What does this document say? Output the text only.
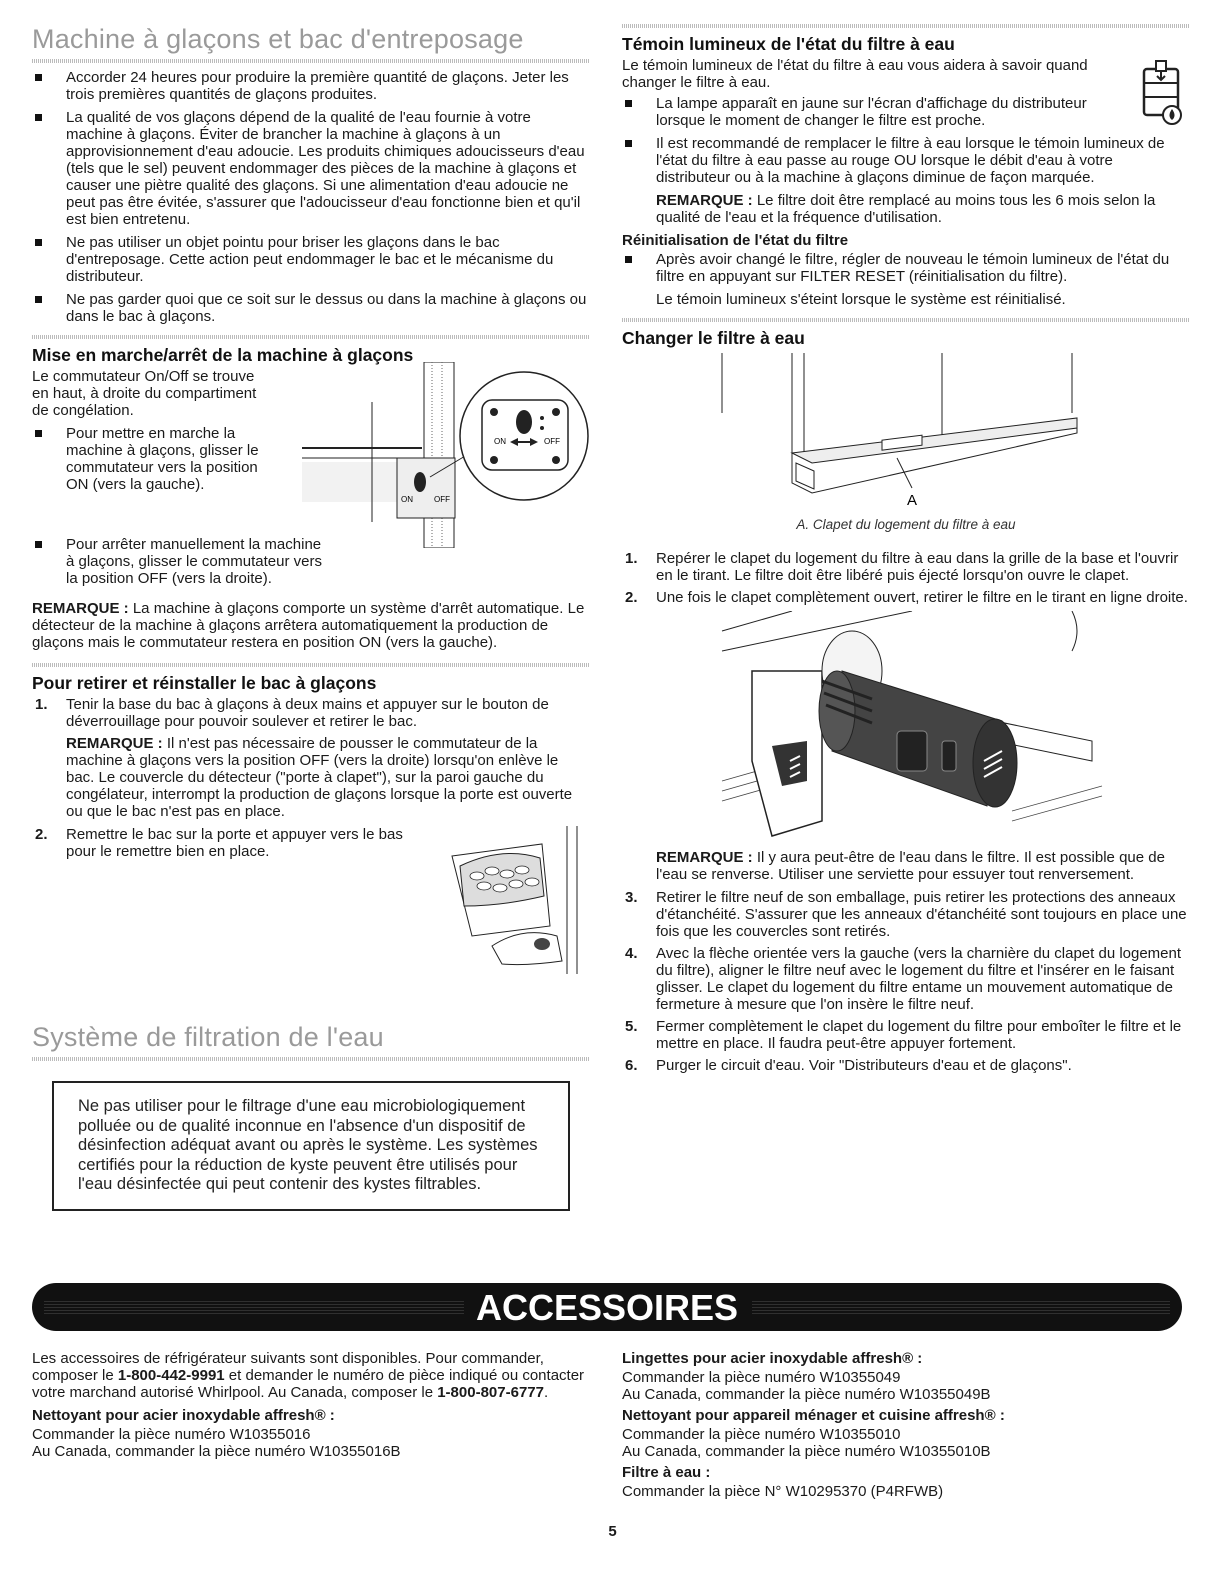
Machine à glaçons et bac d'entreposage
Accorder 24 heures pour produire la première quantité de glaçons. Jeter les trois premières quantités de glaçons produites.
La qualité de vos glaçons dépend de la qualité de l'eau fournie à votre machine à glaçons. Éviter de brancher la machine à glaçons à un approvisionnement d'eau adoucie. Les produits chimiques adoucisseurs d'eau (tels que le sel) peuvent endommager des pièces de la machine à glaçons et causer une piètre qualité des glaçons. Si une alimentation d'eau adoucie ne peut pas être évitée, s'assurer que l'adoucisseur d'eau fonctionne bien et qu'il est bien entretenu.
Ne pas utiliser un objet pointu pour briser les glaçons dans le bac d'entreposage. Cette action peut endommager le bac et le mécanisme du distributeur.
Ne pas garder quoi que ce soit sur le dessus ou dans la machine à glaçons ou dans le bac à glaçons.
Mise en marche/arrêt de la machine à glaçons

Le commutateur On/Off se trouve en haut, à droite du compartiment de congélation.

Pour mettre en marche la machine à glaçons, glisser le commutateur vers la position ON (vers la gauche).
ON	OFF
ON	OFF
Pour arrêter manuellement la machine à glaçons, glisser le commutateur vers la position OFF (vers la droite).

REMARQUE : La machine à glaçons comporte un système d'arrêt automatique. Le détecteur de la machine à glaçons arrêtera automatiquement la production de glaçons mais le commutateur restera en position ON (vers la gauche).

Pour retirer et réinstaller le bac à glaçons
1. Tenir la base du bac à glaçons à deux mains et appuyer sur le bouton de déverrouillage pour pouvoir soulever et retirer le bac.
REMARQUE : Il n'est pas nécessaire de pousser le commutateur de la machine à glaçons vers la position OFF (vers la droite) lorsqu'on enlève le bac. Le couvercle du détecteur ("porte à clapet"), sur la paroi gauche du congélateur, interrompt la production de glaçons lorsque la porte est ouverte ou que le bac n'est pas en place.
2. Remettre le bac sur la porte et appuyer vers le bas pour le remettre bien en place.
Système de filtration de l'eau
Ne pas utiliser pour le filtrage d'une eau microbiologiquement polluée ou de qualité inconnue en l'absence d'un dispositif de désinfection adéquat avant ou après le système. Les systèmes certifiés pour la réduction de kyste peuvent être utilisés pour l'eau désinfectée qui peut contenir des kystes filtrables.
Témoin lumineux de l'état du filtre à eau

Le témoin lumineux de l'état du filtre à eau vous aidera à savoir quand changer le filtre à eau.

La lampe apparaît en jaune sur l'écran d'affichage du distributeur lorsque le moment de changer le filtre est proche.
Il est recommandé de remplacer le filtre à eau lorsque le témoin lumineux de l'état du filtre à eau passe au rouge OU lorsque le débit d'eau à votre distributeur ou à la machine à glaçons diminue de façon marquée.
REMARQUE : Le filtre doit être remplacé au moins tous les 6 mois selon la qualité de l'eau et la fréquence d'utilisation.
Réinitialisation de l'état du filtre
Après avoir changé le filtre, régler de nouveau le témoin lumineux de l'état du filtre en appuyant sur FILTER RESET (réinitialisation du filtre).
Le témoin lumineux s'éteint lorsque le système est réinitialisé.
Changer le filtre à eau
A
A. Clapet du logement du filtre à eau
1. Repérer le clapet du logement du filtre à eau dans la grille de la base et l'ouvrir en le tirant. Le filtre doit être libéré puis éjecté lorsqu'on ouvre le clapet.
2. Une fois le clapet complètement ouvert, retirer le filtre en le tirant en ligne droite.
REMARQUE : Il y aura peut-être de l'eau dans le filtre. Il est possible que de l'eau se renverse. Utiliser une serviette pour essuyer tout renversement.
3. Retirer le filtre neuf de son emballage, puis retirer les protections des anneaux d'étanchéité. S'assurer que les anneaux d'étanchéité sont toujours en place une fois que les couvercles sont retirés.
4. Avec la flèche orientée vers la gauche (vers la charnière du clapet du logement du filtre), aligner le filtre neuf avec le logement du filtre et l'insérer en le faisant glisser. Le clapet du logement du filtre entame un mouvement automatique de fermeture à mesure que l'on insère le filtre neuf.
5. Fermer complètement le clapet du logement du filtre pour emboîter le filtre et le mettre en place. Il faudra peut-être appuyer fortement.
6. Purger le circuit d'eau. Voir "Distributeurs d'eau et de glaçons".
ACCESSOIRES

Les accessoires de réfrigérateur suivants sont disponibles. Pour commander, composer le 1-800-442-9991 et demander le numéro de pièce indiqué ou contacter votre marchand autorisé Whirlpool. Au Canada, composer le 1-800-807-6777.

Nettoyant pour acier inoxydable affresh® :

Commander la pièce numéro W10355016

Au Canada, commander la pièce numéro W10355016B

Lingettes pour acier inoxydable affresh® :

Commander la pièce numéro W10355049

Au Canada, commander la pièce numéro W10355049B

Nettoyant pour appareil ménager et cuisine affresh® :

Commander la pièce numéro W10355010

Au Canada, commander la pièce numéro W10355010B

Filtre à eau :

Commander la pièce N° W10295370 (P4RFWB)

5
